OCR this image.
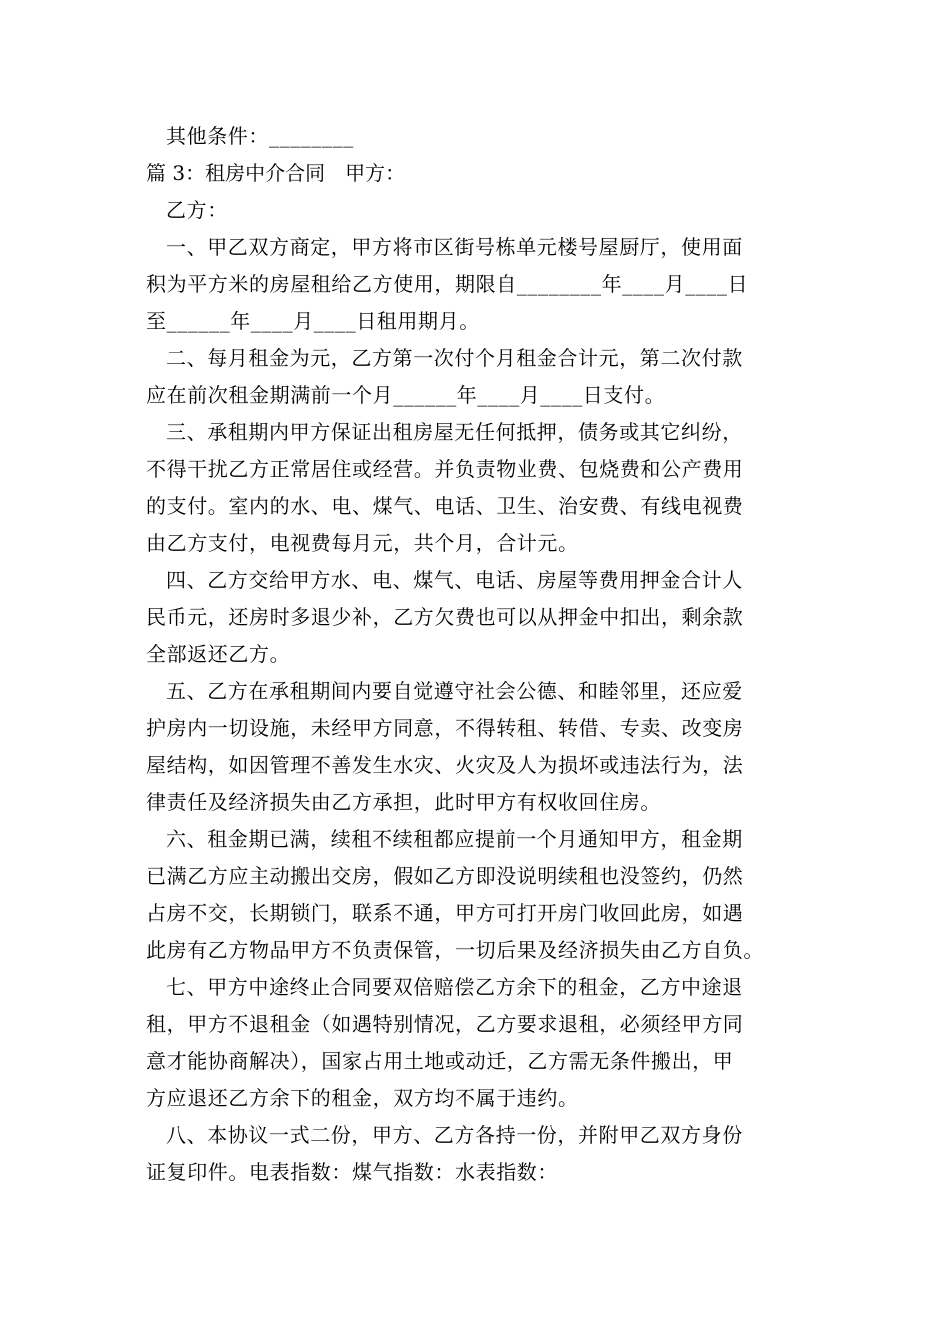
其他条件：________
篇 3：租房中介合同　甲方：
乙方：
一、甲乙双方商定，甲方将市区街号栋单元楼号屋厨厅，使用面
积为平方米的房屋租给乙方使用，期限自________年____月____日
至______年____月____日租用期月。
二、每月租金为元，乙方第一次付个月租金合计元，第二次付款
应在前次租金期满前一个月______年____月____日支付。
三、承租期内甲方保证出租房屋无任何抵押，债务或其它纠纷，
不得干扰乙方正常居住或经营。并负责物业费、包烧费和公产费用
的支付。室内的水、电、煤气、电话、卫生、治安费、有线电视费
由乙方支付，电视费每月元，共个月，合计元。
四、乙方交给甲方水、电、煤气、电话、房屋等费用押金合计人
民币元，还房时多退少补，乙方欠费也可以从押金中扣出，剩余款
全部返还乙方。
五、乙方在承租期间内要自觉遵守社会公德、和睦邻里，还应爱
护房内一切设施，未经甲方同意，不得转租、转借、专卖、改变房
屋结构，如因管理不善发生水灾、火灾及人为损坏或违法行为，法
律责任及经济损失由乙方承担，此时甲方有权收回住房。
六、租金期已满，续租不续租都应提前一个月通知甲方，租金期
已满乙方应主动搬出交房，假如乙方即没说明续租也没签约，仍然
占房不交，长期锁门，联系不通，甲方可打开房门收回此房，如遇
此房有乙方物品甲方不负责保管，一切后果及经济损失由乙方自负。
七、甲方中途终止合同要双倍赔偿乙方余下的租金，乙方中途退
租，甲方不退租金（如遇特别情况，乙方要求退租，必须经甲方同
意才能协商解决），国家占用土地或动迁，乙方需无条件搬出，甲
方应退还乙方余下的租金，双方均不属于违约。
八、本协议一式二份，甲方、乙方各持一份，并附甲乙双方身份
证复印件。电表指数：煤气指数：水表指数：
